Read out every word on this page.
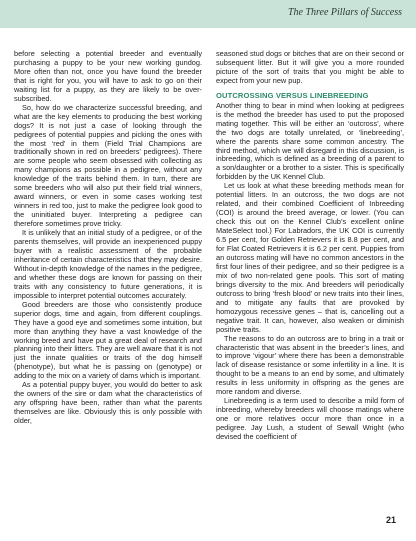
The Three Pillars of Success

before selecting a potential breeder and eventually purchasing a puppy to be your new working gundog. More often than not, once you have found the breeder that is right for you, you will have to ask to go on their waiting list for a puppy, as they are likely to be over-subscribed.

So, how do we characterize successful breeding, and what are the key elements to producing the best working dogs? It is not just a case of looking through the pedigrees of potential puppies and picking the ones with the most ‘red’ in them (Field Trial Champions are traditionally shown in red on breeders’ pedigrees). There are some people who seem obsessed with collecting as many champions as possible in a pedigree, without any knowledge of the traits behind them. In turn, there are some breeders who will also put their field trial winners, award winners, or even in some cases working test winners in red too, just to make the pedigree look good to the uninitiated buyer. Interpreting a pedigree can therefore sometimes prove tricky.

It is unlikely that an initial study of a pedigree, or of the parents themselves, will provide an inexperienced puppy buyer with a realistic assessment of the probable inheritance of certain characteristics that they may desire. Without in-depth knowledge of the names in the pedigree, and whether these dogs are known for passing on their traits with any consistency to future generations, it is impossible to interpret potential outcomes accurately.

Good breeders are those who consistently produce superior dogs, time and again, from different couplings. They have a good eye and sometimes some intuition, but more than anything they have a vast knowledge of the working breed and have put a great deal of research and planning into their litters. They are well aware that it is not just the innate qualities or traits of the dog himself (phenotype), but what he is passing on (genotype) or adding to the mix on a variety of dams which is important.

As a potential puppy buyer, you would do better to ask the owners of the sire or dam what the characteristics of any offspring have been, rather than what the parents themselves are like. Obviously this is only possible with older,

seasoned stud dogs or bitches that are on their second or subsequent litter. But it will give you a more rounded picture of the sort of traits that you might be able to expect from your new pup.

OUTCROSSING VERSUS LINEBREEDING

Another thing to bear in mind when looking at pedigrees is the method the breeder has used to put the proposed mating together. This will be either an ‘outcross’, where the two dogs are totally unrelated, or ‘linebreeding’, where the parents share some common ancestry. The third method, which we will disregard in this discussion, is inbreeding, which is defined as a breeding of a parent to a son/daughter or a brother to a sister. This is specifically forbidden by the UK Kennel Club.

Let us look at what these breeding methods mean for potential litters. In an outcross, the two dogs are not related, and their combined Coefficient of Inbreeding (COI) is around the breed average, or lower. (You can check this out on the Kennel Club’s excellent online MateSelect tool.) For Labradors, the UK COI is currently 6.5 per cent, for Golden Retrievers it is 8.8 per cent, and for Flat Coated Retrievers it is 6.2 per cent. Puppies from an outcross mating will have no common ancestors in the first four lines of their pedigree, and so their pedigree is a mix of two non-related gene pools. This sort of mating brings diversity to the mix. And breeders will periodically outcross to bring ‘fresh blood’ or new traits into their lines, and to mitigate any faults that are provoked by homozygous recessive genes – that is, cancelling out a negative trait. It can, however, also weaken or diminish positive traits.

The reasons to do an outcross are to bring in a trait or characteristic that was absent in the breeder’s lines, and to improve ‘vigour’ where there has been a demonstrable lack of disease resistance or some infertility in a line. It is thought to be a means to an end by some, and ultimately results in less uniformity in offspring as the genes are more random and diverse.

Linebreeding is a term used to describe a mild form of inbreeding, whereby breeders will choose matings where one or more relatives occur more than once in a pedigree. Jay Lush, a student of Sewall Wright (who devised the coefficient of

21
